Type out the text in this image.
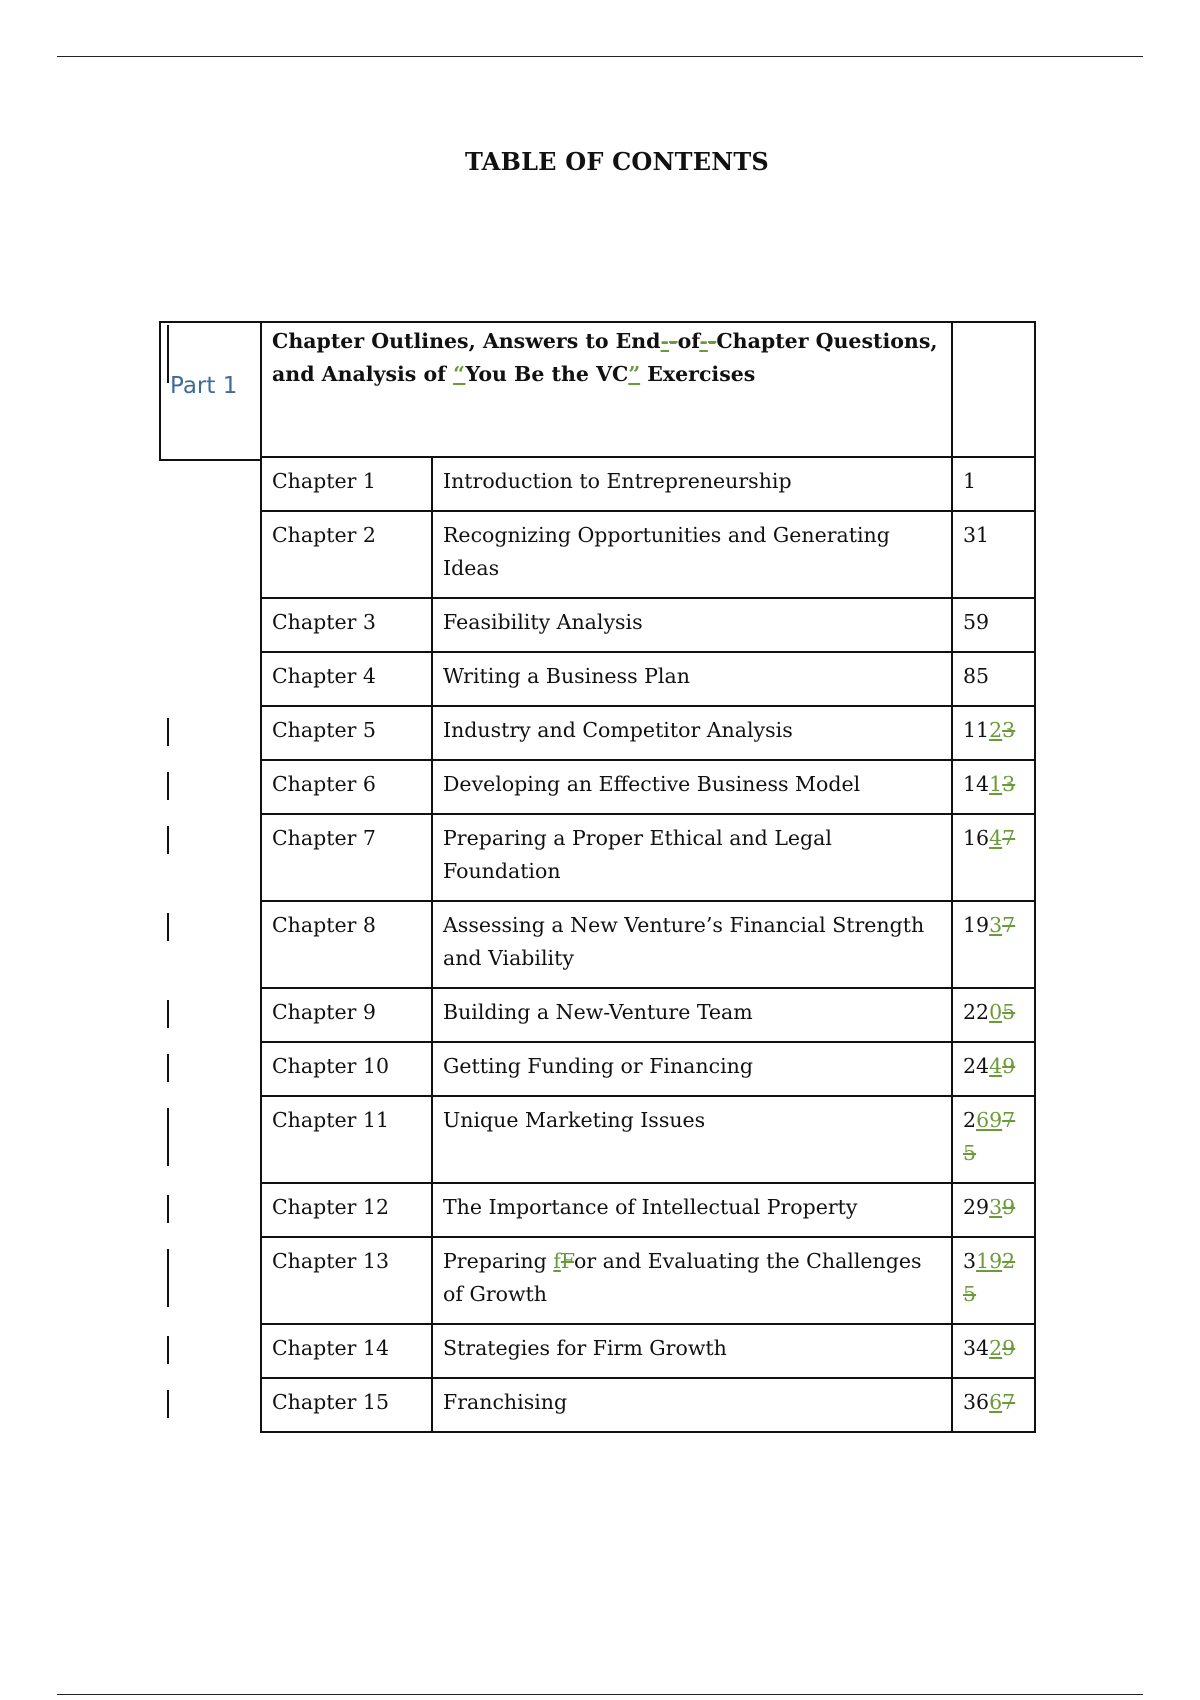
TABLE OF CONTENTS
Part 1
Chapter Outlines, Answers to End--of--Chapter Questions,
and Analysis of “You Be the VC” Exercises		
Chapter 1	Introduction to Entrepreneurship	1
Chapter 2	Recognizing Opportunities and Generating Ideas	31
Chapter 3	Feasibility Analysis	59
Chapter 4	Writing a Business Plan	85
Chapter 5	Industry and Competitor Analysis	1123
Chapter 6	Developing an Effective Business Model	1413
Chapter 7	Preparing a Proper Ethical and Legal Foundation	1647
Chapter 8	Assessing a New Venture’s Financial Strength and Viability	1937
Chapter 9	Building a New-Venture Team	2205
Chapter 10	Getting Funding or Financing	2449
Chapter 11	Unique Marketing Issues	2697
5
Chapter 12	The Importance of Intellectual Property	2939
Chapter 13	Preparing fFor and Evaluating the Challenges of Growth	3192
5
Chapter 14	Strategies for Firm Growth	3429
Chapter 15	Franchising	3667
